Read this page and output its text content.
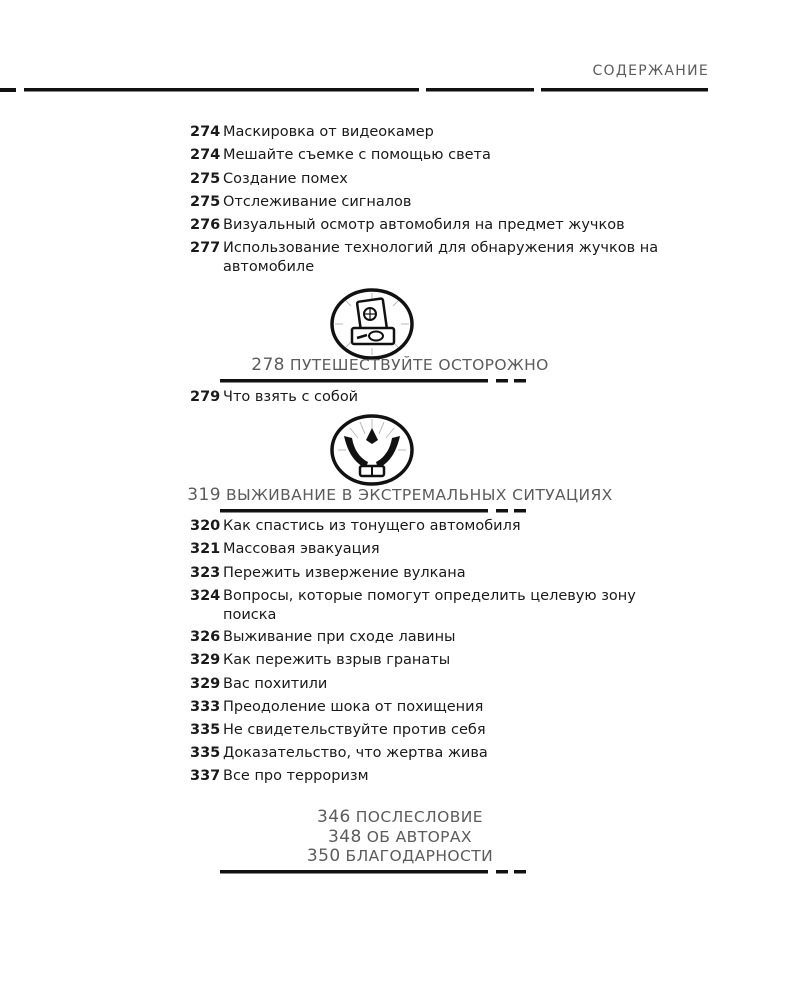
СОДЕРЖАНИЕ
274 Маскировка от видеокамер
274 Мешайте съемке с помощью света
275 Создание помех
275 Отслеживание сигналов
276 Визуальный осмотр автомобиля на предмет жучков
277 Использование технологий для обнаружения жучков на автомобиле
278 ПУТЕШЕСТВУЙТЕ ОСТОРОЖНО
279 Что взять с собой
319 ВЫЖИВАНИЕ В ЭКСТРЕМАЛЬНЫХ СИТУАЦИЯХ
320 Как спастись из тонущего автомобиля
321 Массовая эвакуация
323 Пережить извержение вулкана
324 Вопросы, которые помогут определить целевую зону поиска
326 Выживание при сходе лавины
329 Как пережить взрыв гранаты
329 Вас похитили
333 Преодоление шока от похищения
335 Не свидетельствуйте против себя
335 Доказательство, что жертва жива
337 Все про терроризм
346 ПОСЛЕСЛОВИЕ
348 ОБ АВТОРАХ
350 БЛАГОДАРНОСТИ
